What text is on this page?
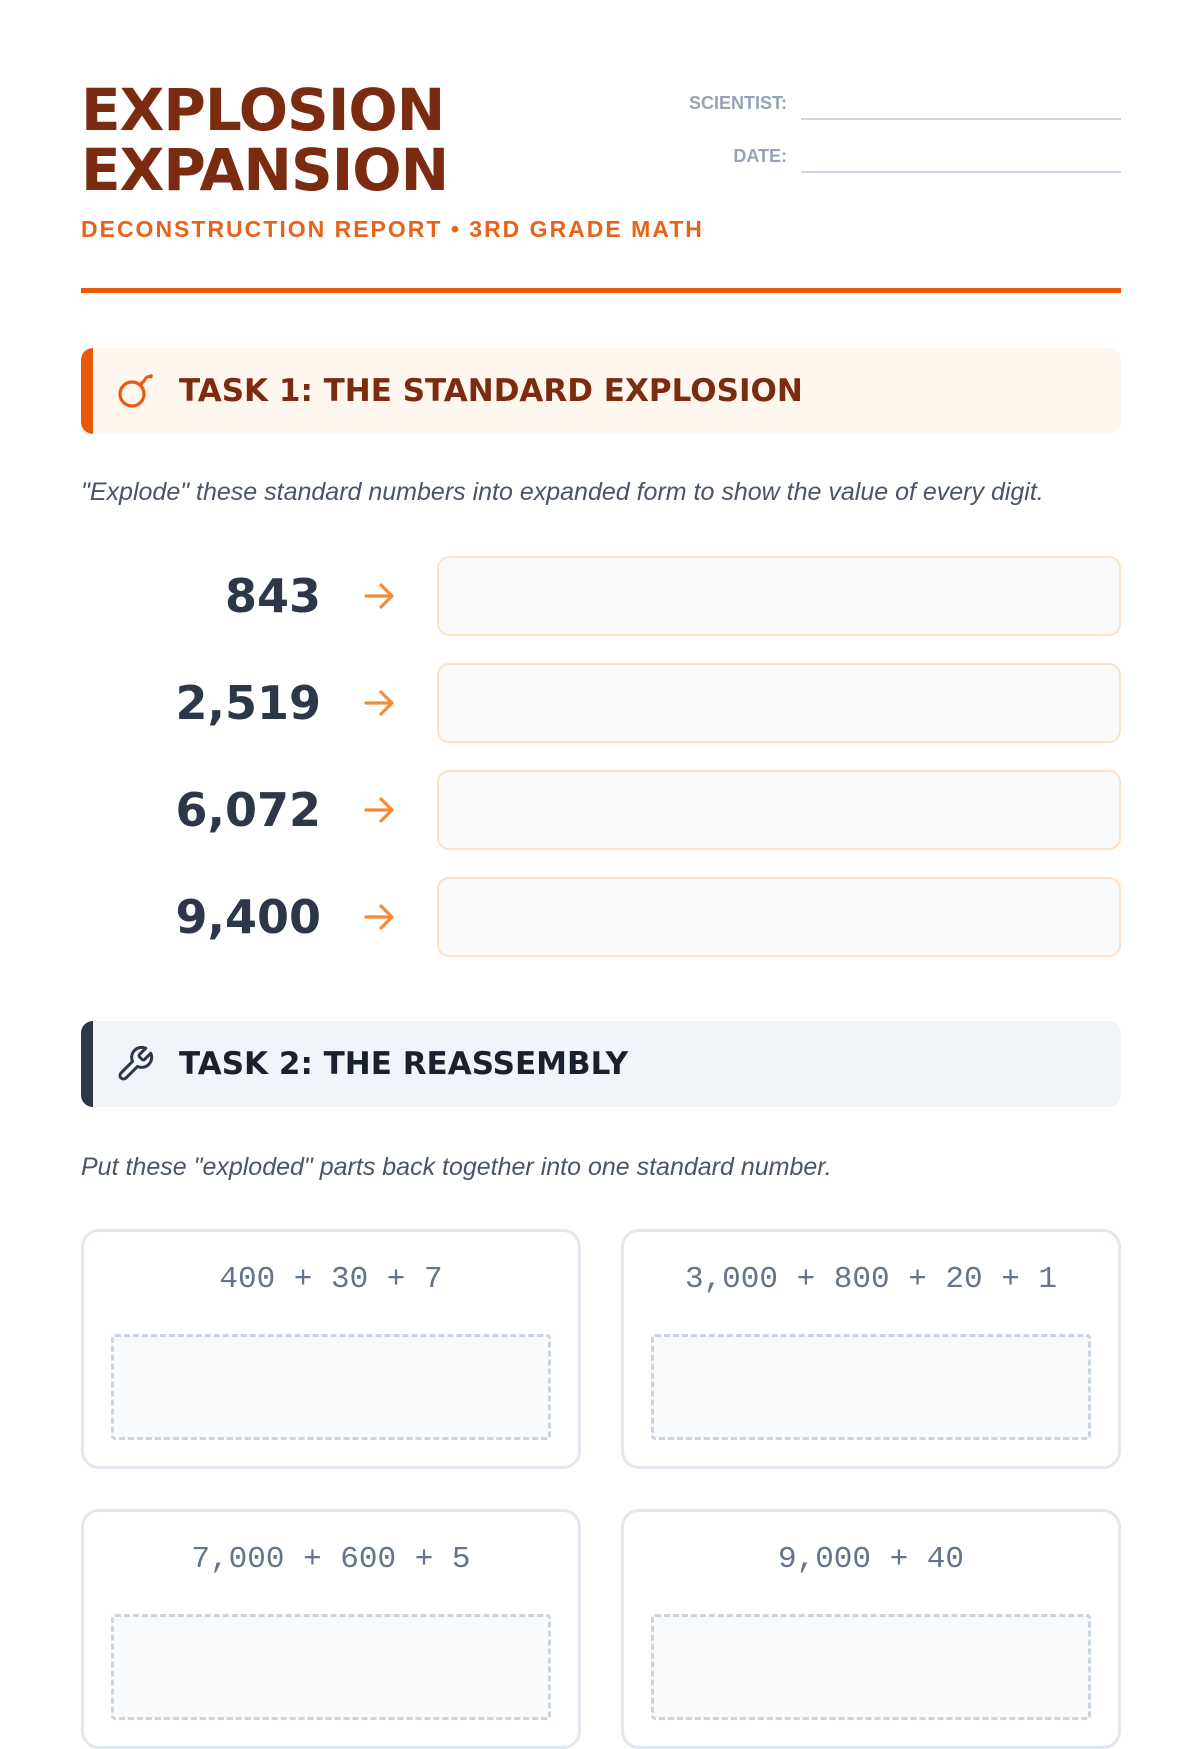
EXPLOSION
EXPANSION
DECONSTRUCTION REPORT • 3RD GRADE MATH
SCIENTIST:
DATE:
TASK 1: THE STANDARD EXPLOSION
"Explode" these standard numbers into expanded form to show the value of every digit.
843
2,519
6,072
9,400
TASK 2: THE REASSEMBLY
Put these "exploded" parts back together into one standard number.
400 + 30 + 7	3,000 + 800 + 20 + 1
7,000 + 600 + 5	9,000 + 40
